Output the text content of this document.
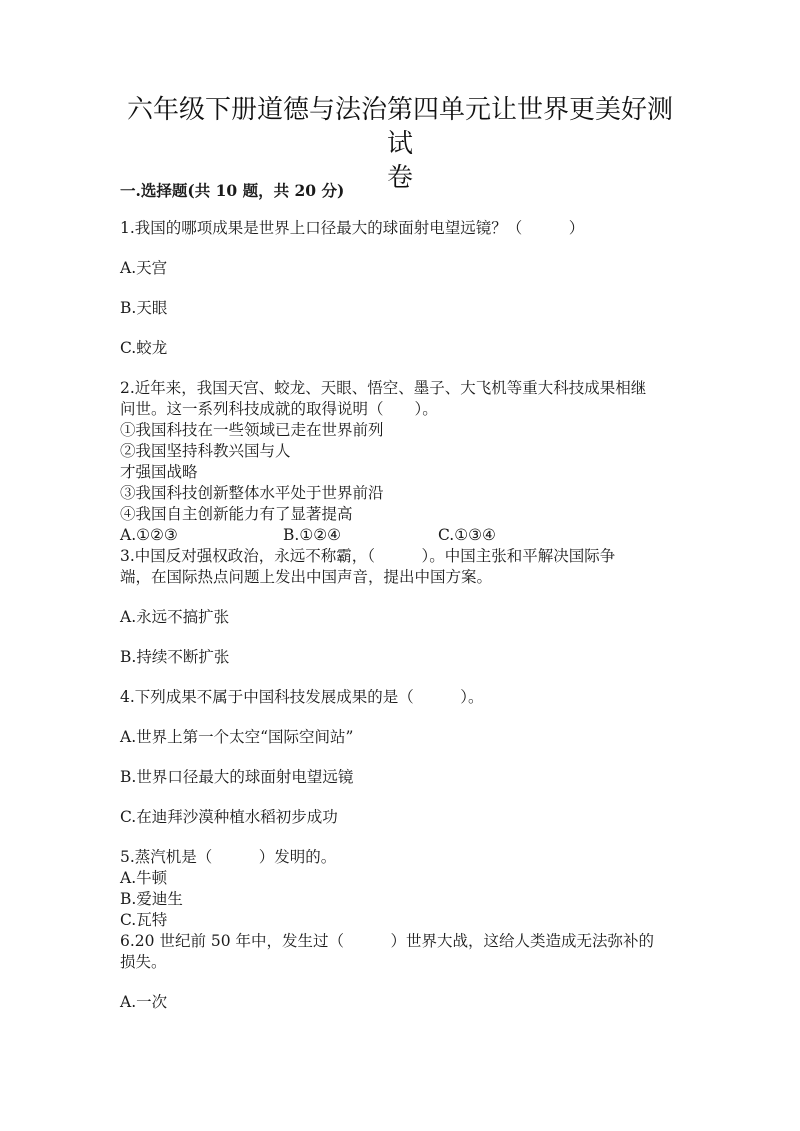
六年级下册道德与法治第四单元让世界更美好测试
卷
一.选择题(共 10 题，共 20 分)
1.我国的哪项成果是世界上口径最大的球面射电望远镜？（　　　）
A.天宫
B.天眼
C.蛟龙
2.近年来，我国天宫、蛟龙、天眼、悟空、墨子、大飞机等重大科技成果相继
问世。这一系列科技成就的取得说明（　　）。
①我国科技在一些领域已走在世界前列
②我国坚持科教兴国与人
才强国战略
③我国科技创新整体水平处于世界前沿
④我国自主创新能力有了显著提高
A.①②③	B.①②④	C.①③④
3.中国反对强权政治，永远不称霸，（　　　）。中国主张和平解决国际争
端，在国际热点问题上发出中国声音，提出中国方案。
A.永远不搞扩张
B.持续不断扩张
4.下列成果不属于中国科技发展成果的是（　　　）。
A.世界上第一个太空“国际空间站”
B.世界口径最大的球面射电望远镜
C.在迪拜沙漠种植水稻初步成功
5.蒸汽机是（　　　）发明的。
A.牛顿
B.爱迪生
C.瓦特
6.20 世纪前 50 年中，发生过（　　　）世界大战，这给人类造成无法弥补的
损失。
A.一次
